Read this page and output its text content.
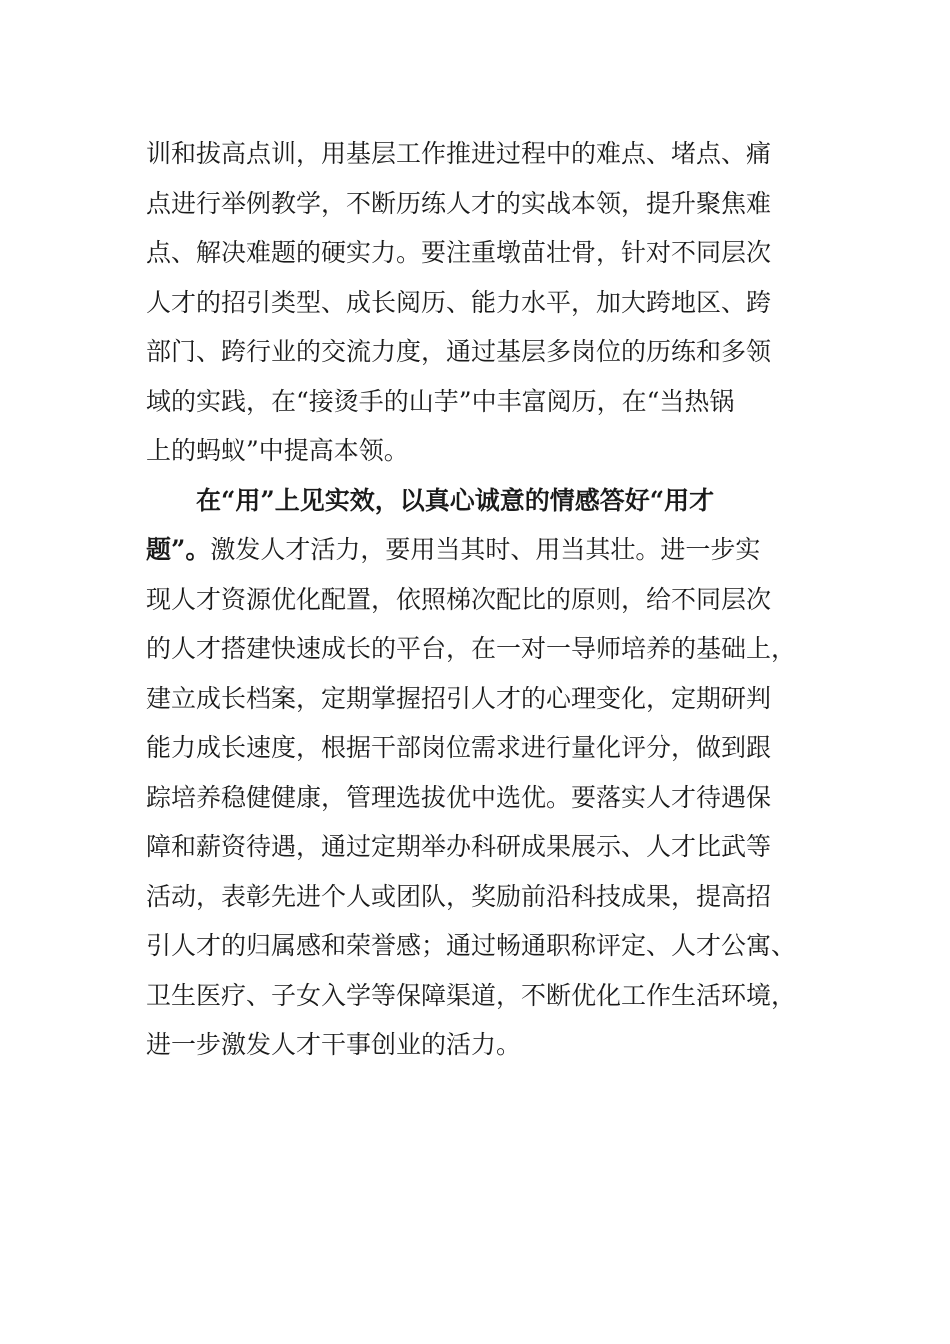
训和拔高点训，用基层工作推进过程中的难点、堵点、痛
点进行举例教学，不断历练人才的实战本领，提升聚焦难
点、解决难题的硬实力。要注重墩苗壮骨，针对不同层次
人才的招引类型、成长阅历、能力水平，加大跨地区、跨
部门、跨行业的交流力度，通过基层多岗位的历练和多领
域的实践，在“接烫手的山芋”中丰富阅历，在“当热锅
上的蚂蚁”中提高本领。
在“用”上见实效，以真心诚意的情感答好“用才
题”。激发人才活力，要用当其时、用当其壮。进一步实
现人才资源优化配置，依照梯次配比的原则，给不同层次
的人才搭建快速成长的平台，在一对一导师培养的基础上，
建立成长档案，定期掌握招引人才的心理变化，定期研判
能力成长速度，根据干部岗位需求进行量化评分，做到跟
踪培养稳健健康，管理选拔优中选优。要落实人才待遇保
障和薪资待遇，通过定期举办科研成果展示、人才比武等
活动，表彰先进个人或团队，奖励前沿科技成果，提高招
引人才的归属感和荣誉感；通过畅通职称评定、人才公寓、
卫生医疗、子女入学等保障渠道，不断优化工作生活环境，
进一步激发人才干事创业的活力。
